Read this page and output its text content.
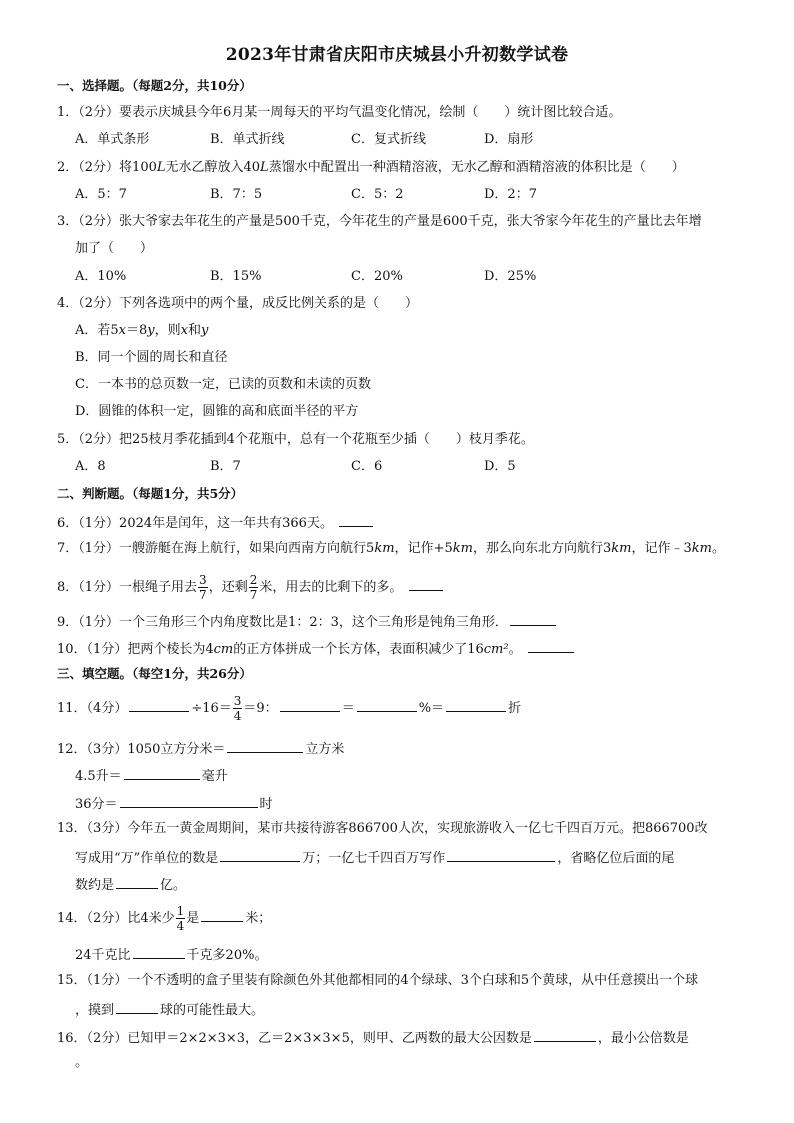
2023年甘肃省庆阳市庆城县小升初数学试卷
一、选择题。（每题2分，共10分）
1．（2分）要表示庆城县今年6月某一周每天的平均气温变化情况，绘制（　　）统计图比较合适。
A．单式条形	B．单式折线	C．复式折线	D．扇形
2．（2分）将100L无水乙醇放入40L蒸馏水中配置出一种酒精溶液，无水乙醇和酒精溶液的体积比是（　　）
A．5：7	B．7：5	C．5：2	D．2：7
3．（2分）张大爷家去年花生的产量是500千克，今年花生的产量是600千克，张大爷家今年花生的产量比去年增
加了（　　）
A．10%	B．15%	C．20%	D．25%
4．（2分）下列各选项中的两个量，成反比例关系的是（　　）
A．若5x＝8y，则x和y
B．同一个圆的周长和直径
C．一本书的总页数一定，已读的页数和未读的页数
D．圆锥的体积一定，圆锥的高和底面半径的平方
5．（2分）把25枝月季花插到4个花瓶中，总有一个花瓶至少插（　　）枝月季花。
A．8	B．7	C．6	D．5
二、判断题。（每题1分，共5分）
6．（1分）2024年是闰年，这一年共有366天。
7．（1分）一艘游艇在海上航行，如果向西南方向航行5km，记作+5km，那么向东北方向航行3km，记作﹣3km。
8．（1分）一根绳子用去 $\frac{3}{7}$ ，还剩 $\frac{2}{7}$ 米，用去的比剩下的多。
9．（1分）一个三角形三个内角度数比是1：2：3，这个三角形是钝角三角形．
10．（1分）把两个棱长为4cm的正方体拼成一个长方体，表面积减少了16cm²。
三、填空题。（每空1分，共26分）
11．（4分）	$\div 16= \frac{3}{4} =9$：	＝	%＝	折
12．（3分）1050立方分米＝	立方米
4.5升＝	毫升
36分＝	时
13．（3分）今年五一黄金周期间，某市共接待游客866700人次，实现旅游收入一亿七千四百万元。把866700改
写成用“万”作单位的数是	万；一亿七千四百万写作	，省略亿位后面的尾
数约是	亿。
14．（2分）比4米少 $\frac{1}{4}$ 是	米；
24千克比	千克多20%。
15．（1分）一个不透明的盒子里装有除颜色外其他都相同的4个绿球、3个白球和5个黄球，从中任意摸出一个球
，摸到	球的可能性最大。
16．（2分）已知甲＝2×2×3×3，乙＝2×3×3×5，则甲、乙两数的最大公因数是	，最小公倍数是
。
